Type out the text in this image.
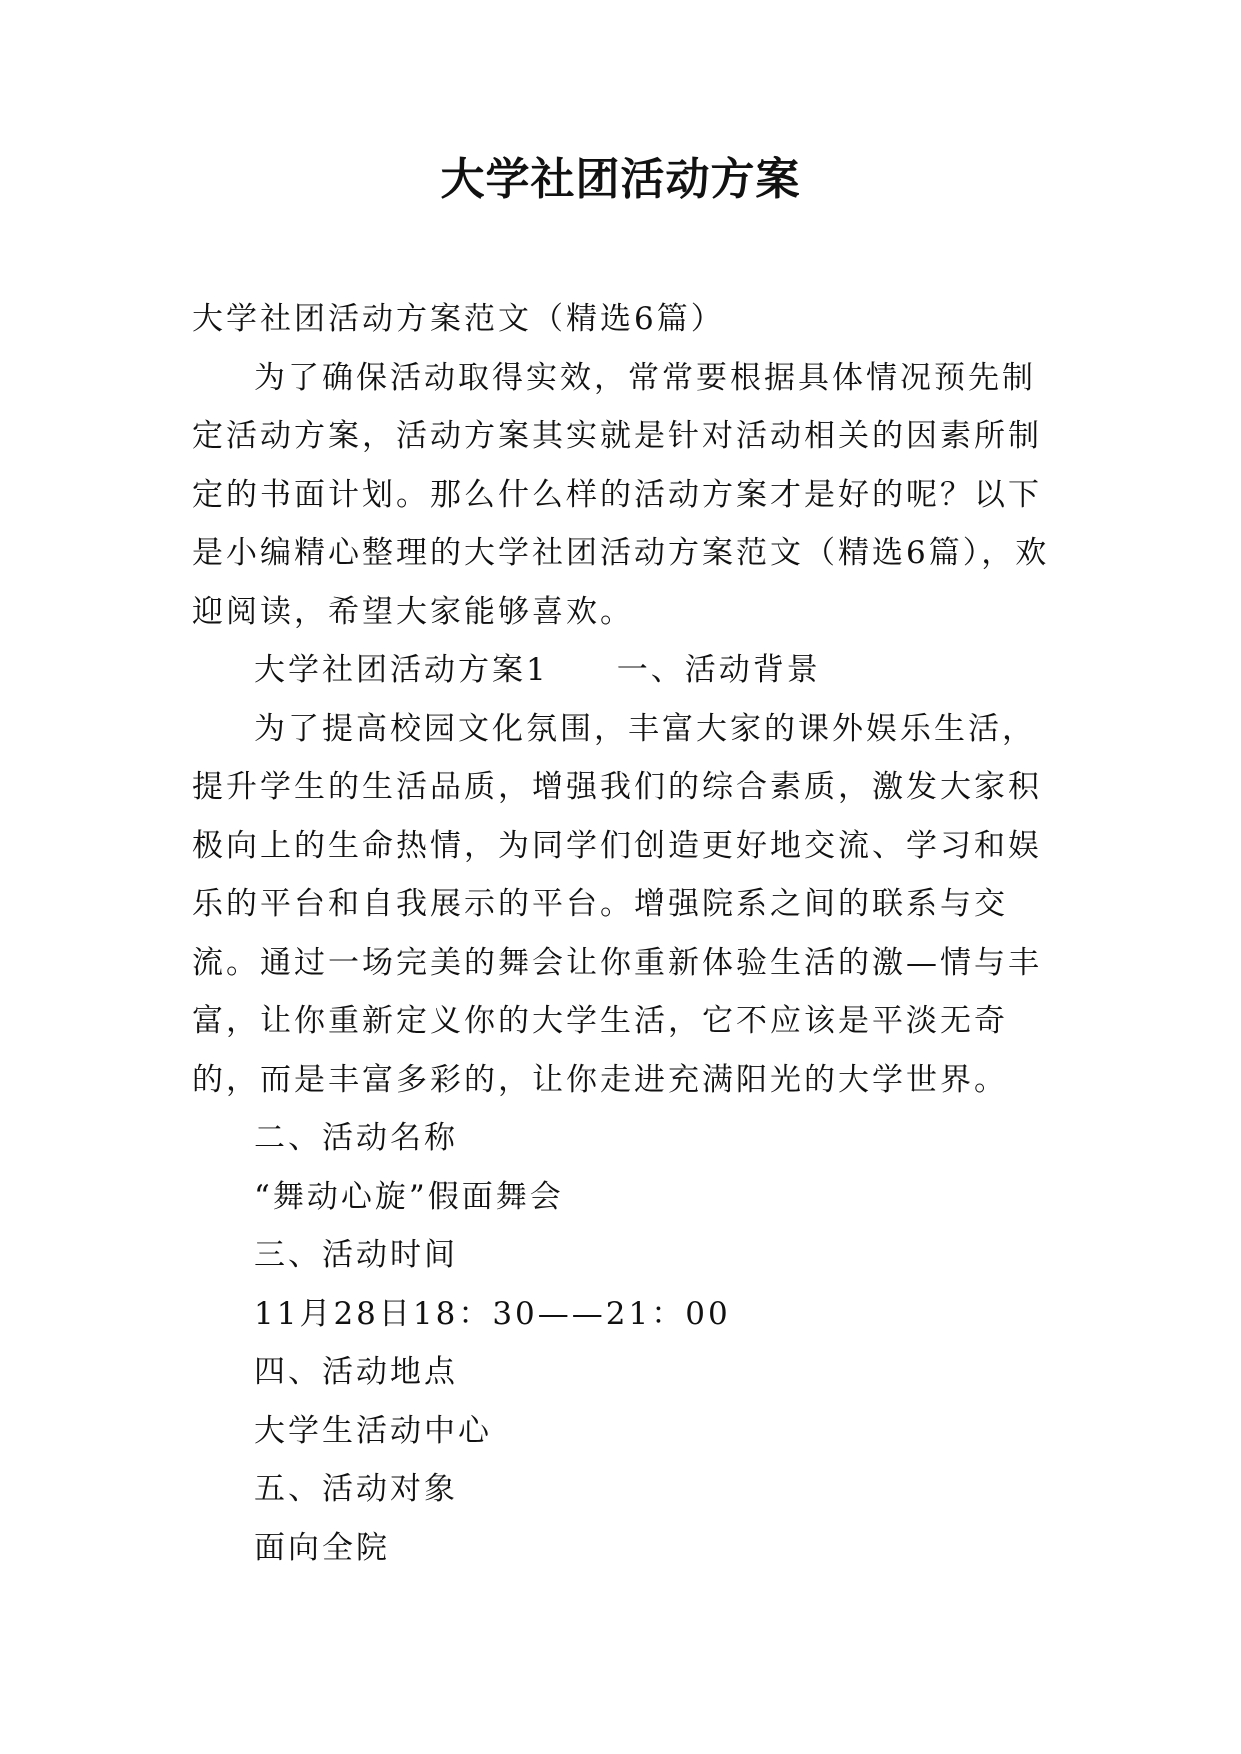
大学社团活动方案

大学社团活动方案范文（精选6篇）

为了确保活动取得实效，常常要根据具体情况预先制定活动方案，活动方案其实就是针对活动相关的因素所制定的书面计划。那么什么样的活动方案才是好的呢？以下是小编精心整理的大学社团活动方案范文（精选6篇），欢迎阅读，希望大家能够喜欢。

大学社团活动方案1　　一、活动背景

为了提高校园文化氛围，丰富大家的课外娱乐生活，提升学生的生活品质，增强我们的综合素质，激发大家积极向上的生命热情，为同学们创造更好地交流、学习和娱乐的平台和自我展示的平台。增强院系之间的联系与交流。通过一场完美的舞会让你重新体验生活的激—情与丰富，让你重新定义你的大学生活，它不应该是平淡无奇的，而是丰富多彩的，让你走进充满阳光的大学世界。

二、活动名称

“舞动心旋”假面舞会

三、活动时间

11月28日18：30——21：00

四、活动地点

大学生活动中心

五、活动对象

面向全院
